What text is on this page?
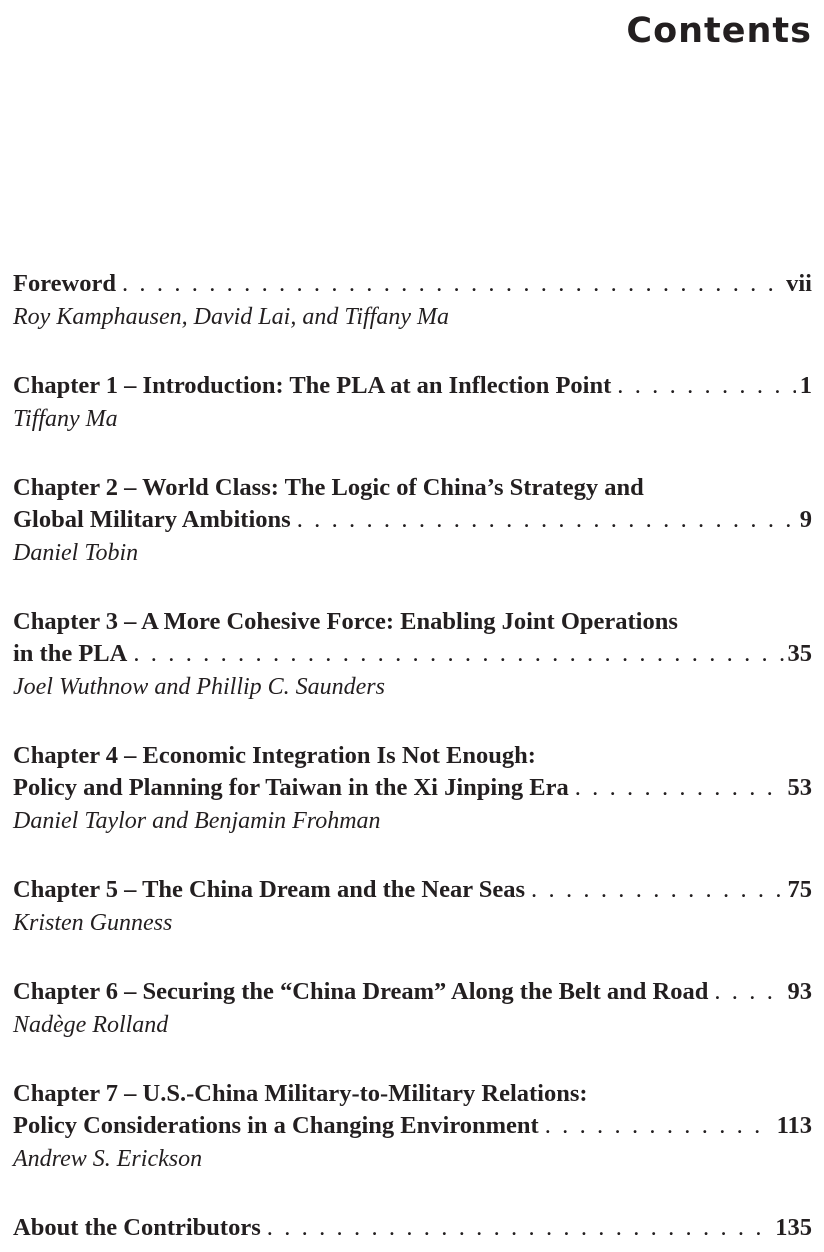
Contents
Foreword . . .	vii
Roy Kamphausen, David Lai, and Tiffany Ma
Chapter 1 – Introduction: The PLA at an Inflection Point . . .	1
Tiffany Ma
Chapter 2 – World Class: The Logic of China’s Strategy and
Global Military Ambitions . . .	9
Daniel Tobin
Chapter 3 – A More Cohesive Force: Enabling Joint Operations
in the PLA . . .	35
Joel Wuthnow and Phillip C. Saunders
Chapter 4 – Economic Integration Is Not Enough:
Policy and Planning for Taiwan in the Xi Jinping Era . . .	53
Daniel Taylor and Benjamin Frohman
Chapter 5 – The China Dream and the Near Seas . . .	75
Kristen Gunness
Chapter 6 – Securing the “China Dream” Along the Belt and Road . . .	93
Nadège Rolland
Chapter 7 – U.S.-China Military-to-Military Relations:
Policy Considerations in a Changing Environment . . .	113
Andrew S. Erickson
About the Contributors . . .	135
